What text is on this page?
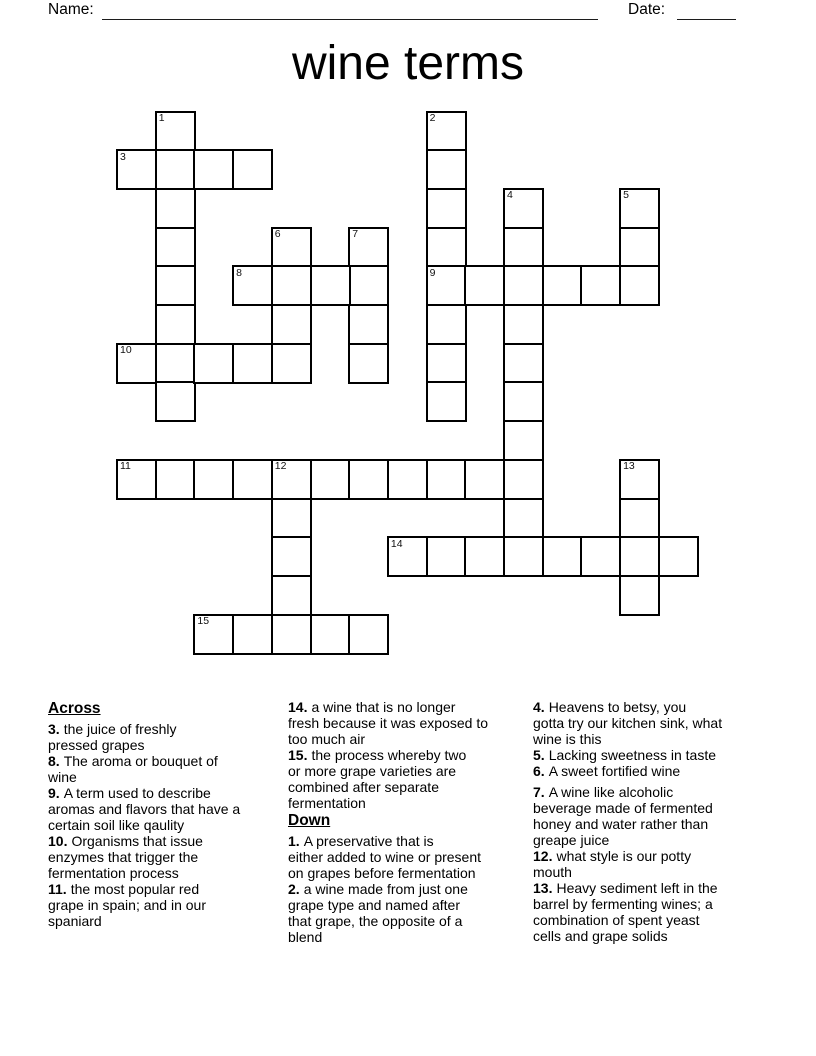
Name:	Date:
wine terms
1	2
3
4	5
6	7
8	9
10
11	12	13
14
15
Across

3. the juice of freshly
pressed grapes

8. The aroma or bouquet of
wine

9. A term used to describe
aromas and flavors that have a
certain soil like qaulity

10. Organisms that issue
enzymes that trigger the
fermentation process

11. the most popular red
grape in spain; and in our
spaniard

14. a wine that is no longer
fresh because it was exposed to
too much air

15. the process whereby two
or more grape varieties are
combined after separate
fermentation

Down

1. A preservative that is
either added to wine or present
on grapes before fermentation

2. a wine made from just one
grape type and named after
that grape, the opposite of a
blend

4. Heavens to betsy, you
gotta try our kitchen sink, what
wine is this

5. Lacking sweetness in taste

6. A sweet fortified wine

7. A wine like alcoholic
beverage made of fermented
honey and water rather than
greape juice

12. what style is our potty
mouth

13. Heavy sediment left in the
barrel by fermenting wines; a
combination of spent yeast
cells and grape solids
